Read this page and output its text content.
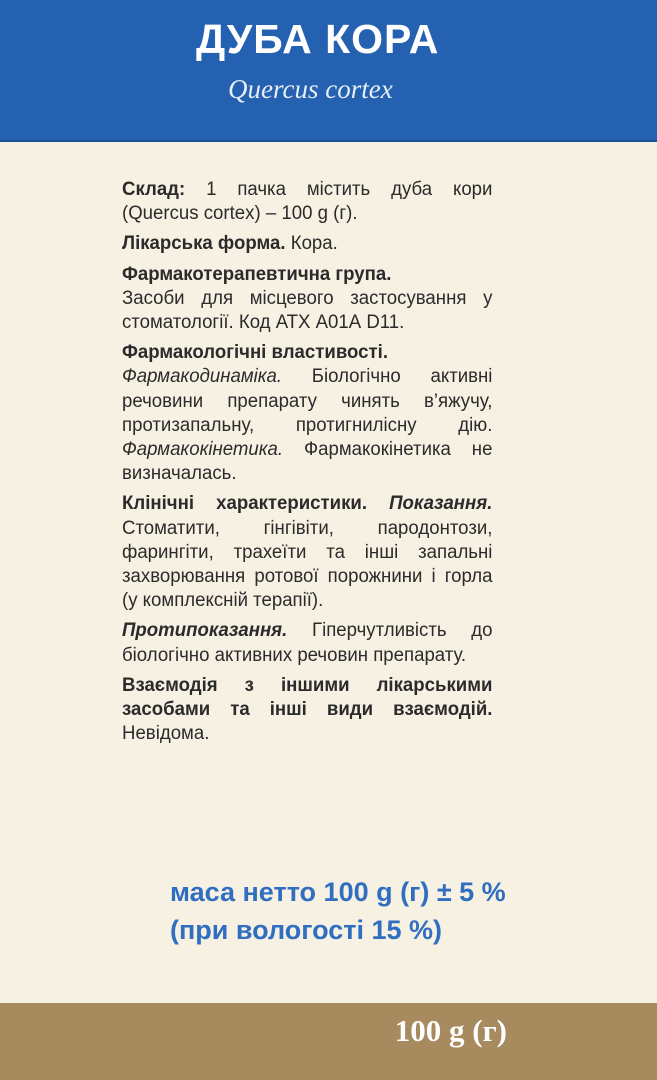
ДУБА КОРА
Quercus cortex

Склад: 1 пачка містить дуба кори (Quercus cortex) – 100 g (г).

Лікарська форма. Кора.

Фармакотерапевтична група.
Засоби для місцевого застосування у стоматології. Код АТХ А01А D11.

Фармакологічні властивості.
Фармакодинаміка. Біологічно активні речовини препарату чинять в’яжучу, протизапальну, протигнилісну дію. Фармакокінетика. Фармакокінетика не визначалась.

Клінічні характеристики. Показання. Стоматити, гінгівіти, пародонтози, фарингіти, трахеїти та інші запальні захворювання ротової порожнини і горла (у комплексній терапії).

Протипоказання. Гіперчутливість до біологічно активних речовин препарату.

Взаємодія з іншими лікарськими засобами та інші види взаємодій. Невідома.

маса нетто 100 g (г) ± 5 %
(при вологості 15 %)
100 g (г)
